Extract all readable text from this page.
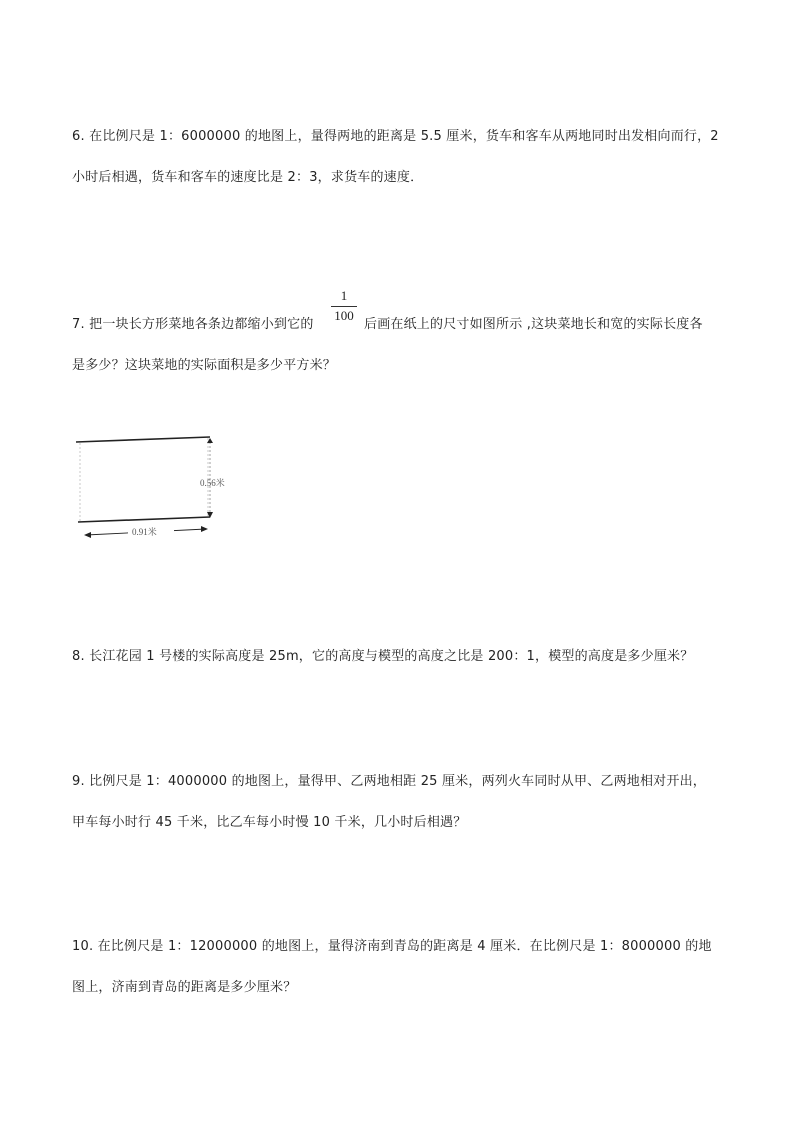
6. 在比例尺是 1：6000000 的地图上，量得两地的距离是 5.5 厘米，货车和客车从两地同时出发相向而行，2
小时后相遇，货车和客车的速度比是 2：3，求货车的速度．
7. 把一块长方形菜地各条边都缩小到它的
1
100
后画在纸上的尺寸如图所示 ,这块菜地长和宽的实际长度各
是多少？这块菜地的实际面积是多少平方米？
0.56米
0.91米
8. 长江花园 1 号楼的实际高度是 25m，它的高度与模型的高度之比是 200：1，模型的高度是多少厘米？
9. 比例尺是 1：4000000 的地图上，量得甲、乙两地相距 25 厘米，两列火车同时从甲、乙两地相对开出，
甲车每小时行 45 千米，比乙车每小时慢 10 千米，几小时后相遇？
10. 在比例尺是 1：12000000 的地图上，量得济南到青岛的距离是 4 厘米．在比例尺是 1：8000000 的地
图上，济南到青岛的距离是多少厘米？
